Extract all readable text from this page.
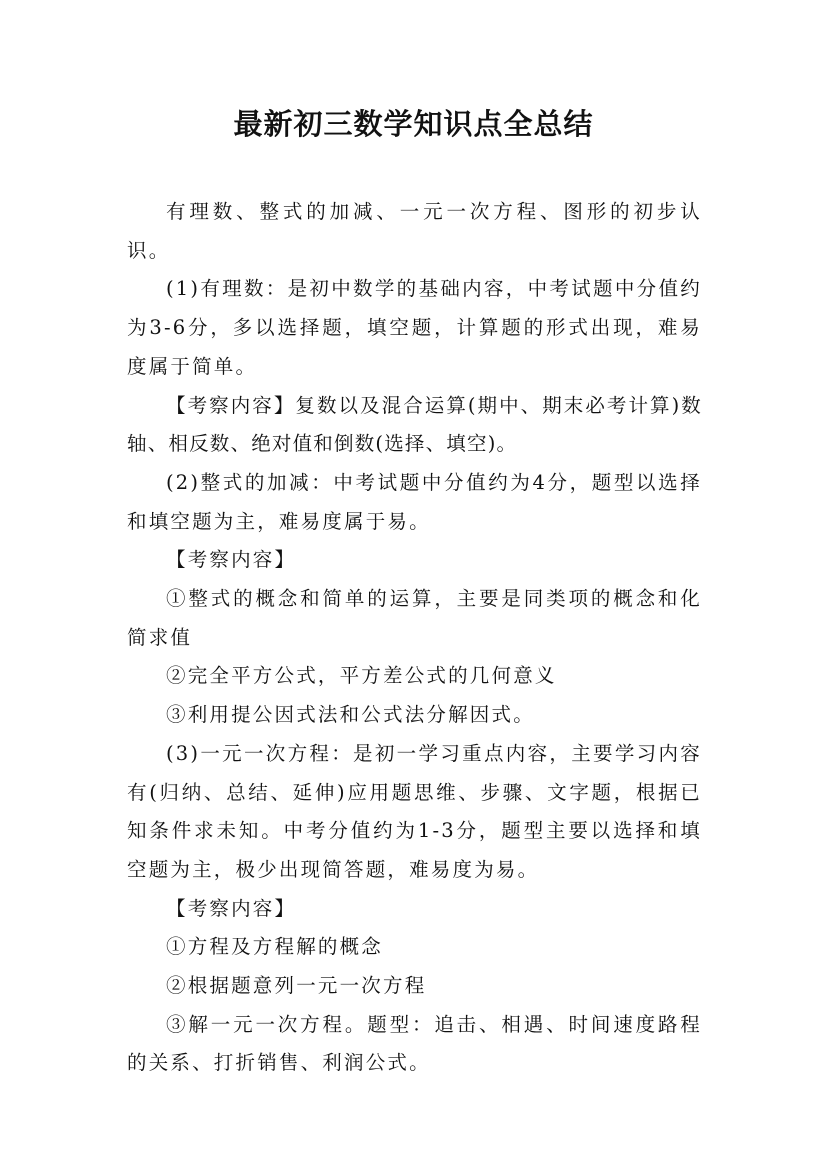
最新初三数学知识点全总结

有理数、整式的加减、一元一次方程、图形的初步认识。

(1)有理数：是初中数学的基础内容，中考试题中分值约为3-6分，多以选择题，填空题，计算题的形式出现，难易度属于简单。

【考察内容】复数以及混合运算(期中、期末必考计算)数轴、相反数、绝对值和倒数(选择、填空)。

(2)整式的加减：中考试题中分值约为4分，题型以选择和填空题为主，难易度属于易。

【考察内容】

①整式的概念和简单的运算，主要是同类项的概念和化简求值

②完全平方公式，平方差公式的几何意义

③利用提公因式法和公式法分解因式。

(3)一元一次方程：是初一学习重点内容，主要学习内容有(归纳、总结、延伸)应用题思维、步骤、文字题，根据已知条件求未知。中考分值约为1-3分，题型主要以选择和填空题为主，极少出现简答题，难易度为易。

【考察内容】

①方程及方程解的概念

②根据题意列一元一次方程

③解一元一次方程。题型：追击、相遇、时间速度路程的关系、打折销售、利润公式。
